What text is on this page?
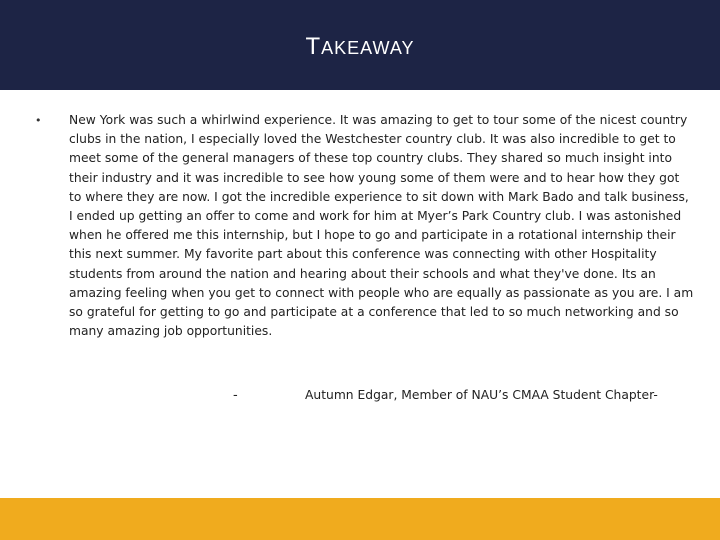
TAKEAWAY
• New York was such a whirlwind experience. It was amazing to get to tour some of the nicest country clubs in the nation, I especially loved the Westchester country club. It was also incredible to get to meet some of the general managers of these top country clubs. They shared so much insight into their industry and it was incredible to see how young some of them were and to hear how they got to where they are now. I got the incredible experience to sit down with Mark Bado and talk business, I ended up getting an offer to come and work for him at Myer’s Park Country club. I was astonished when he offered me this internship, but I hope to go and participate in a rotational internship their this next summer. My favorite part about this conference was connecting with other Hospitality students from around the nation and hearing about their schools and what they've done. Its an amazing feeling when you get to connect with people who are equally as passionate as you are. I am so grateful for getting to go and participate at a conference that led to so much networking and so many amazing job opportunities.
-	Autumn Edgar, Member of NAU’s CMAA Student Chapter-
